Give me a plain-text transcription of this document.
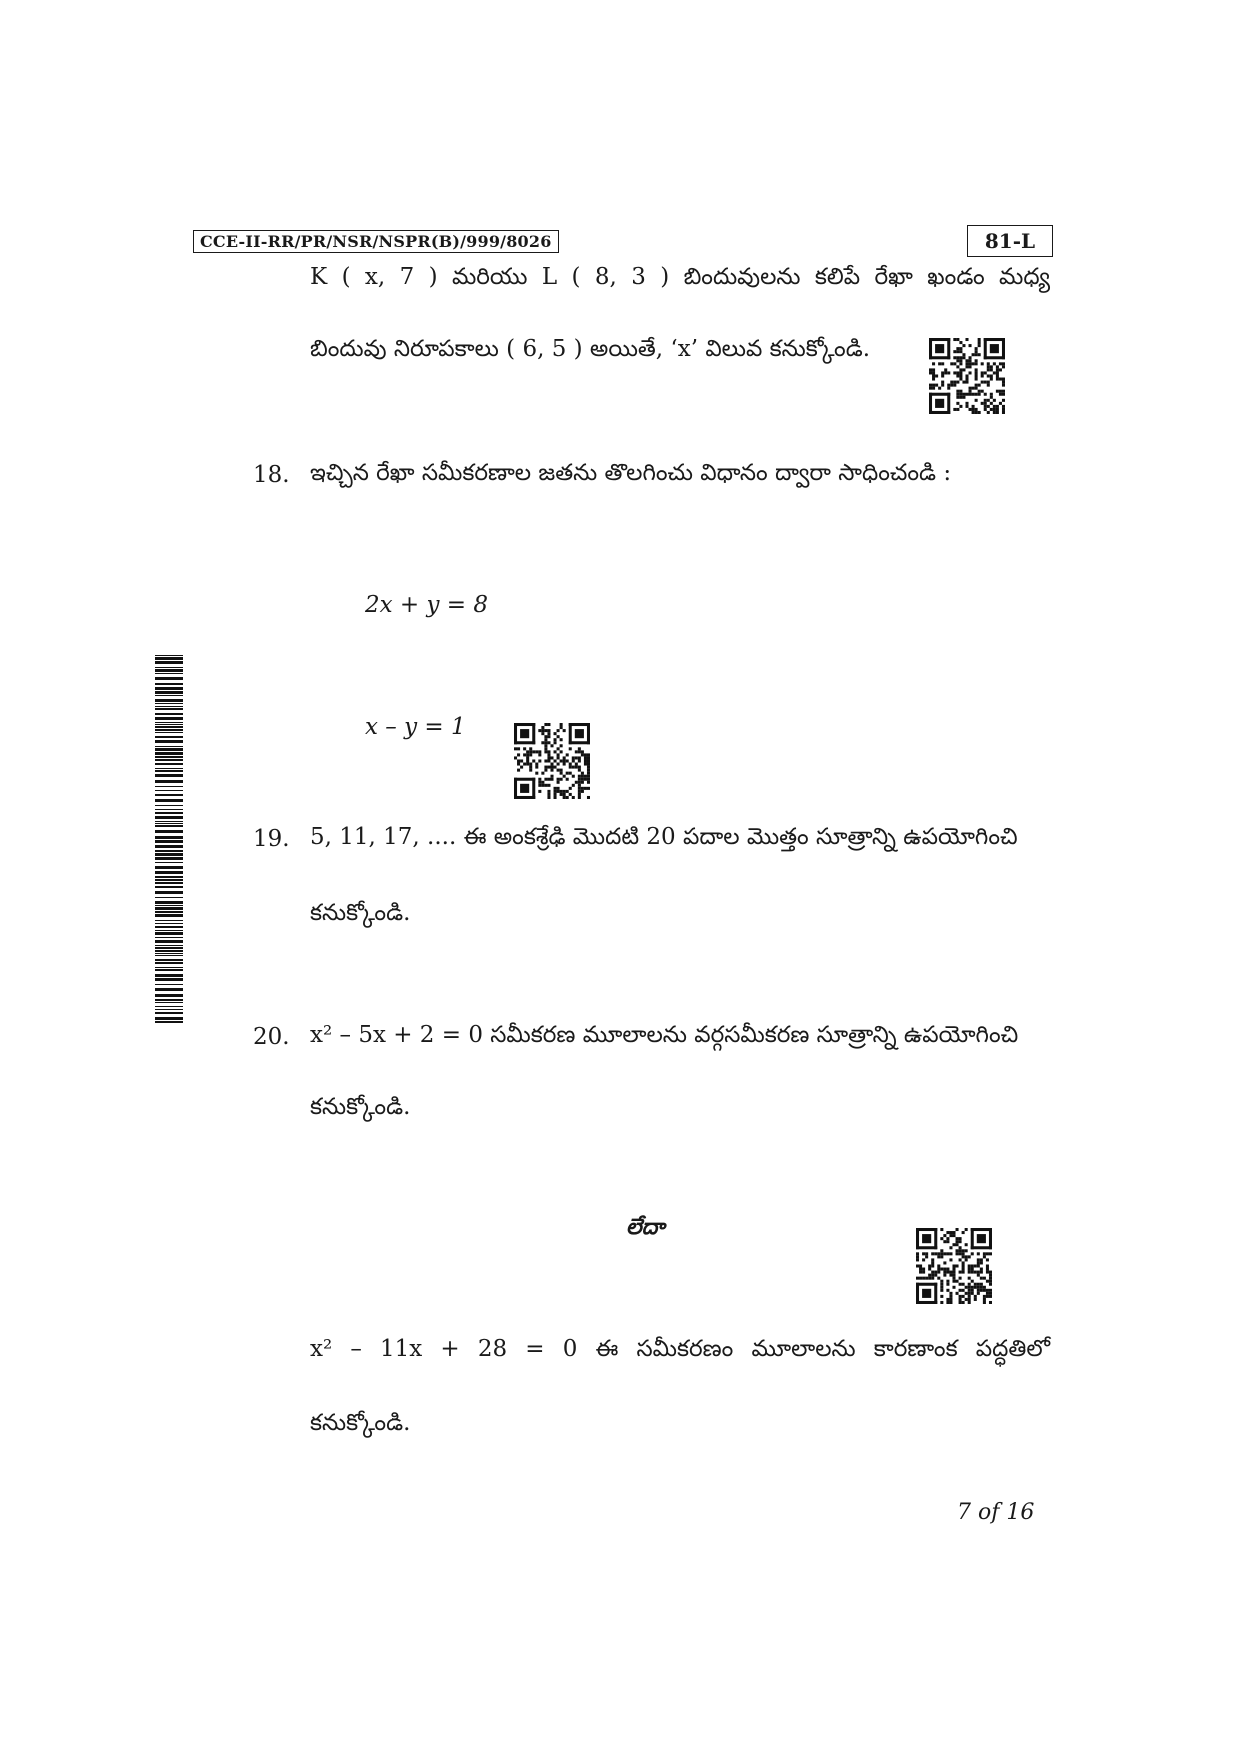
CCE-II-RR/PR/NSR/NSPR(B)/999/8026	81-L
K ( x, 7 ) మరియు L ( 8, 3 ) బిందువులను కలిపే రేఖా ఖండం మధ్య
బిందువు నిరూపకాలు ( 6, 5 ) అయితే, ‘x’ విలువ కనుక్కోండి.
18. ఇచ్చిన రేఖా సమీకరణాల జతను తొలగించు విధానం ద్వారా సాధించండి :
2x + y = 8
x – y = 1
19. 5, 11, 17, .... ఈ అంకశ్రేఢి మొదటి 20 పదాల మొత్తం సూత్రాన్ని ఉపయోగించి
కనుక్కోండి.
20. x² – 5x + 2 = 0 సమీకరణ మూలాలను వర్గసమీకరణ సూత్రాన్ని ఉపయోగించి
కనుక్కోండి.
లేదా
x² – 11x + 28 = 0 ఈ సమీకరణం మూలాలను కారణాంక పద్ధతిలో
కనుక్కోండి.
7 of 16
